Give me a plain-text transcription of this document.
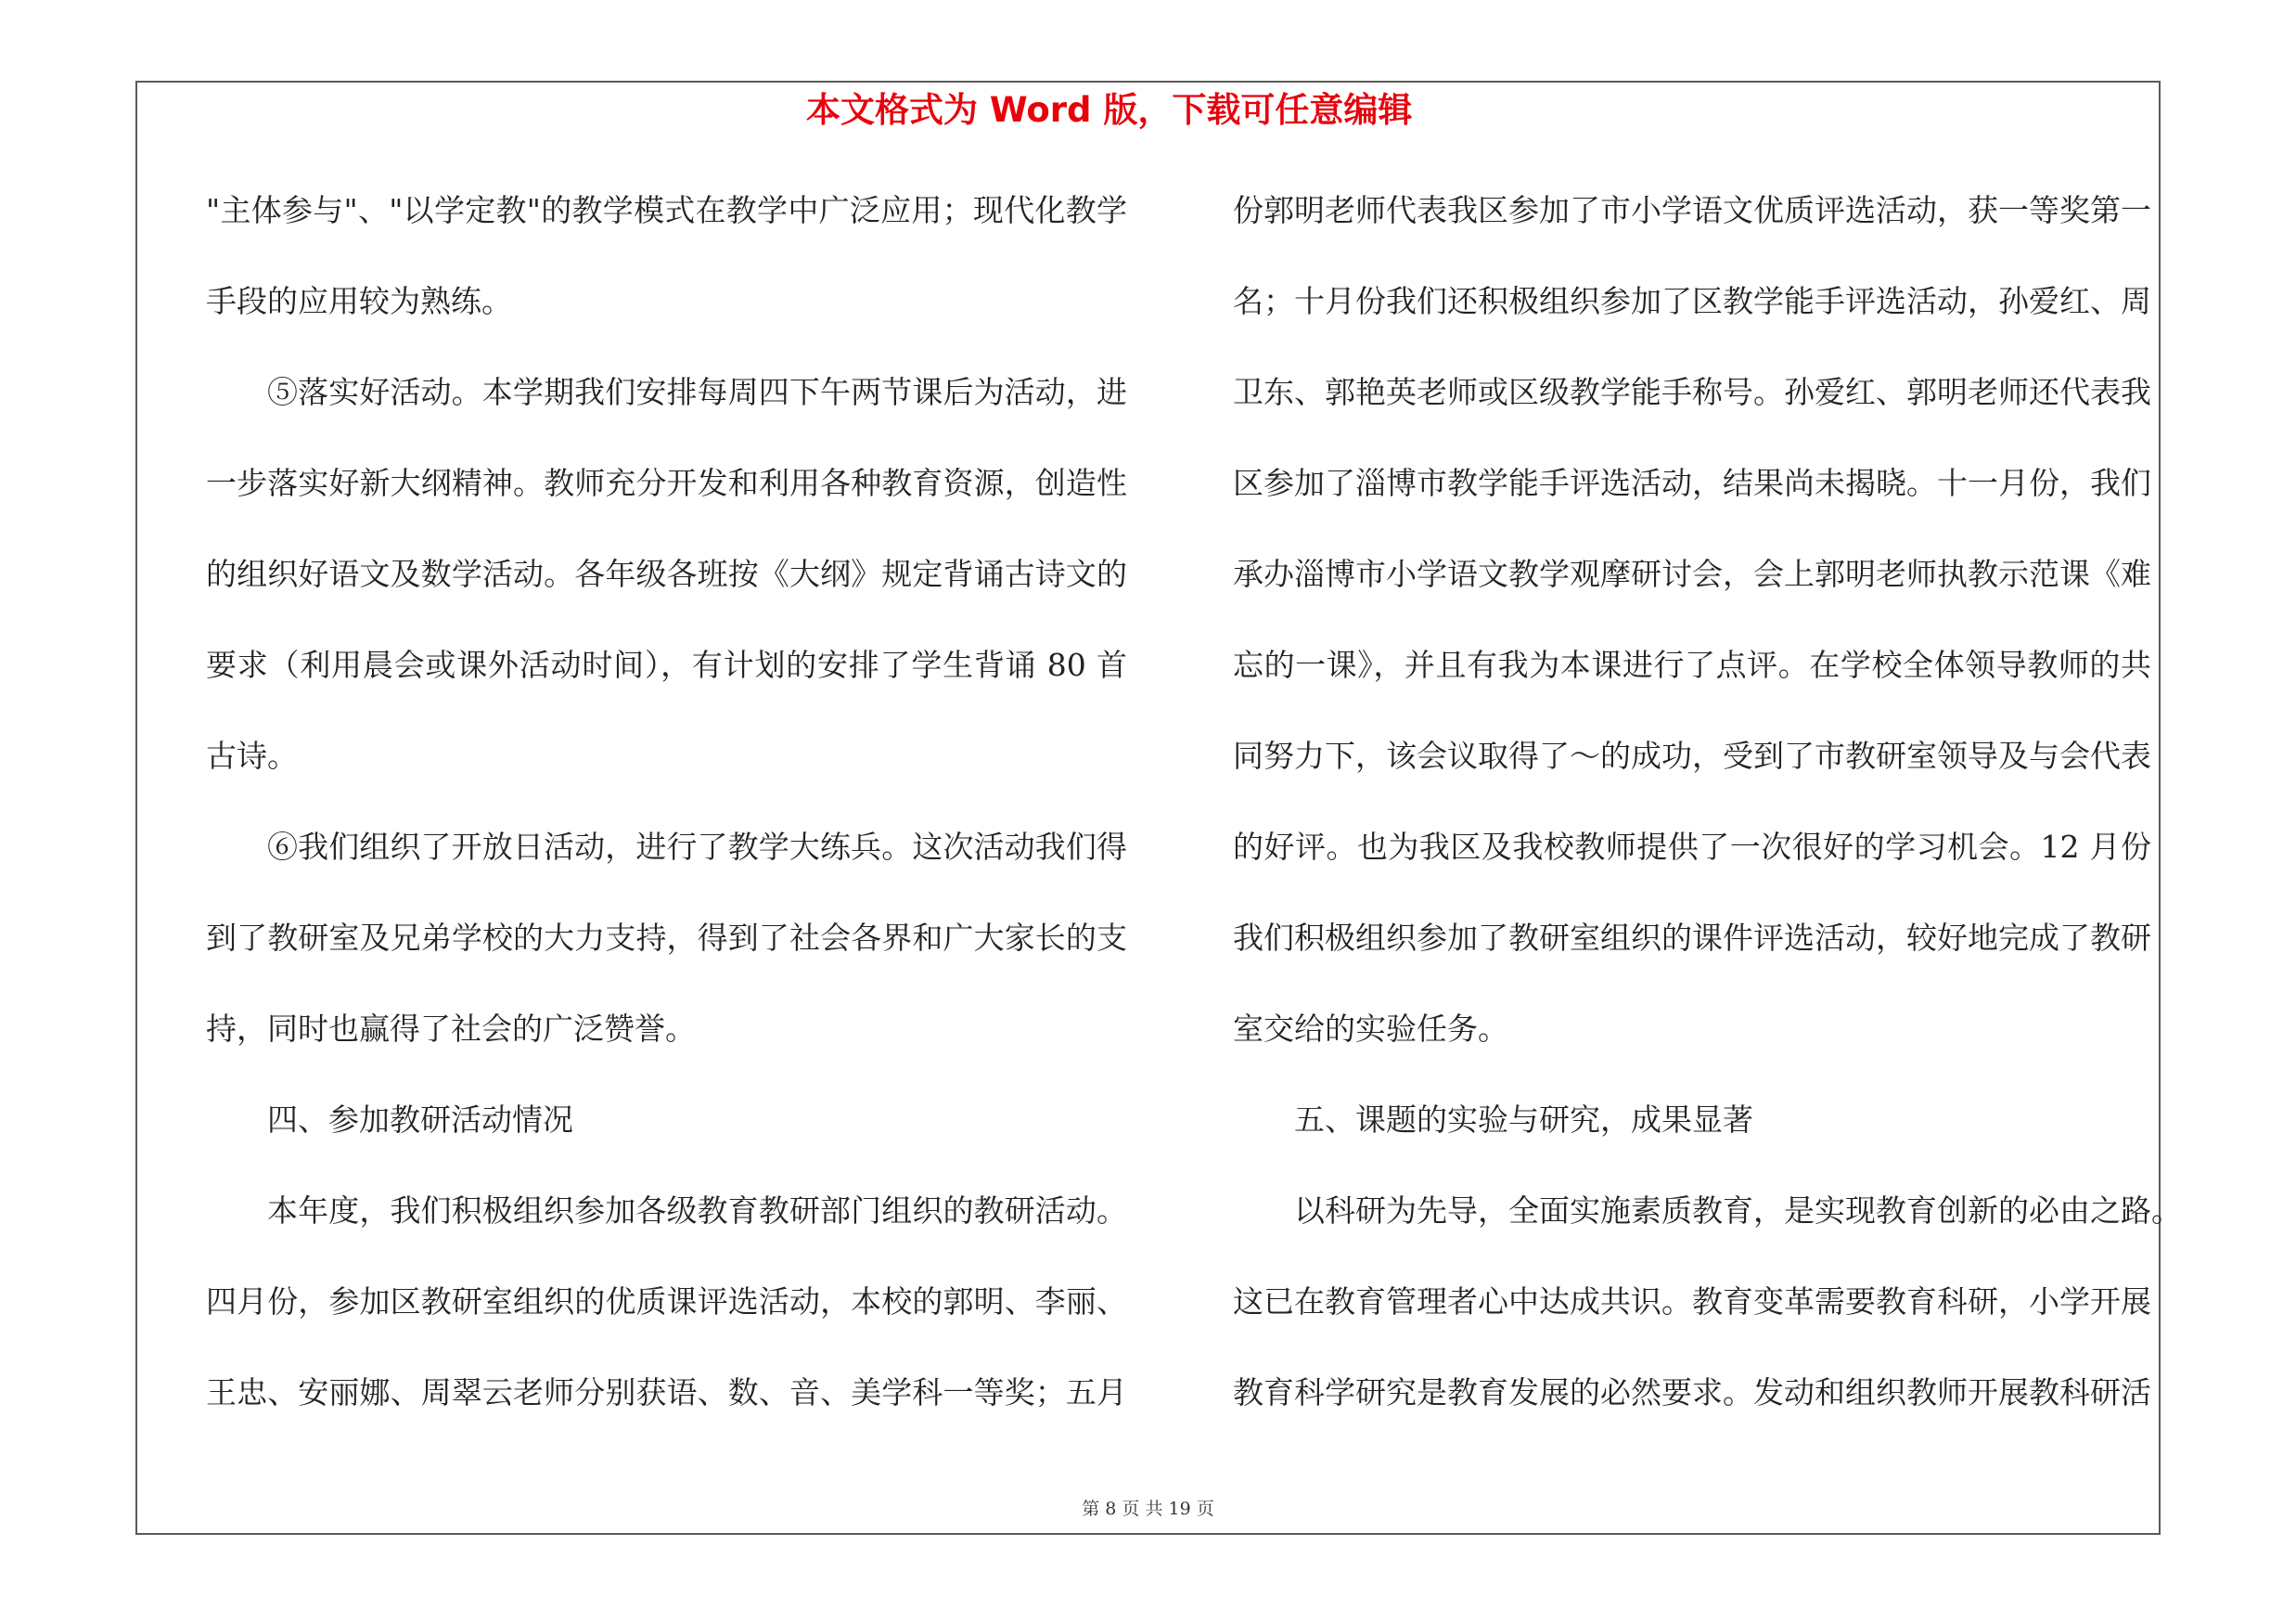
本文格式为 Word 版，下载可任意编辑
"主体参与"、"以学定教"的教学模式在教学中广泛应用；现代化教学
手段的应用较为熟练。
⑤落实好活动。本学期我们安排每周四下午两节课后为活动，进
一步落实好新大纲精神。教师充分开发和利用各种教育资源，创造性
的组织好语文及数学活动。各年级各班按《大纲》规定背诵古诗文的
要求（利用晨会或课外活动时间），有计划的安排了学生背诵 80 首
古诗。
⑥我们组织了开放日活动，进行了教学大练兵。这次活动我们得
到了教研室及兄弟学校的大力支持，得到了社会各界和广大家长的支
持，同时也赢得了社会的广泛赞誉。
四、参加教研活动情况
本年度，我们积极组织参加各级教育教研部门组织的教研活动。
四月份，参加区教研室组织的优质课评选活动，本校的郭明、李丽、
王忠、安丽娜、周翠云老师分别获语、数、音、美学科一等奖；五月
份郭明老师代表我区参加了市小学语文优质评选活动，获一等奖第一
名；十月份我们还积极组织参加了区教学能手评选活动，孙爱红、周
卫东、郭艳英老师或区级教学能手称号。孙爱红、郭明老师还代表我
区参加了淄博市教学能手评选活动，结果尚未揭晓。十一月份，我们
承办淄博市小学语文教学观摩研讨会，会上郭明老师执教示范课《难
忘的一课》，并且有我为本课进行了点评。在学校全体领导教师的共
同努力下，该会议取得了～的成功，受到了市教研室领导及与会代表
的好评。也为我区及我校教师提供了一次很好的学习机会。12 月份
我们积极组织参加了教研室组织的课件评选活动，较好地完成了教研
室交给的实验任务。
五、课题的实验与研究，成果显著
以科研为先导，全面实施素质教育，是实现教育创新的必由之路。
这已在教育管理者心中达成共识。教育变革需要教育科研，小学开展
教育科学研究是教育发展的必然要求。发动和组织教师开展教科研活
第 8 页 共 19 页
